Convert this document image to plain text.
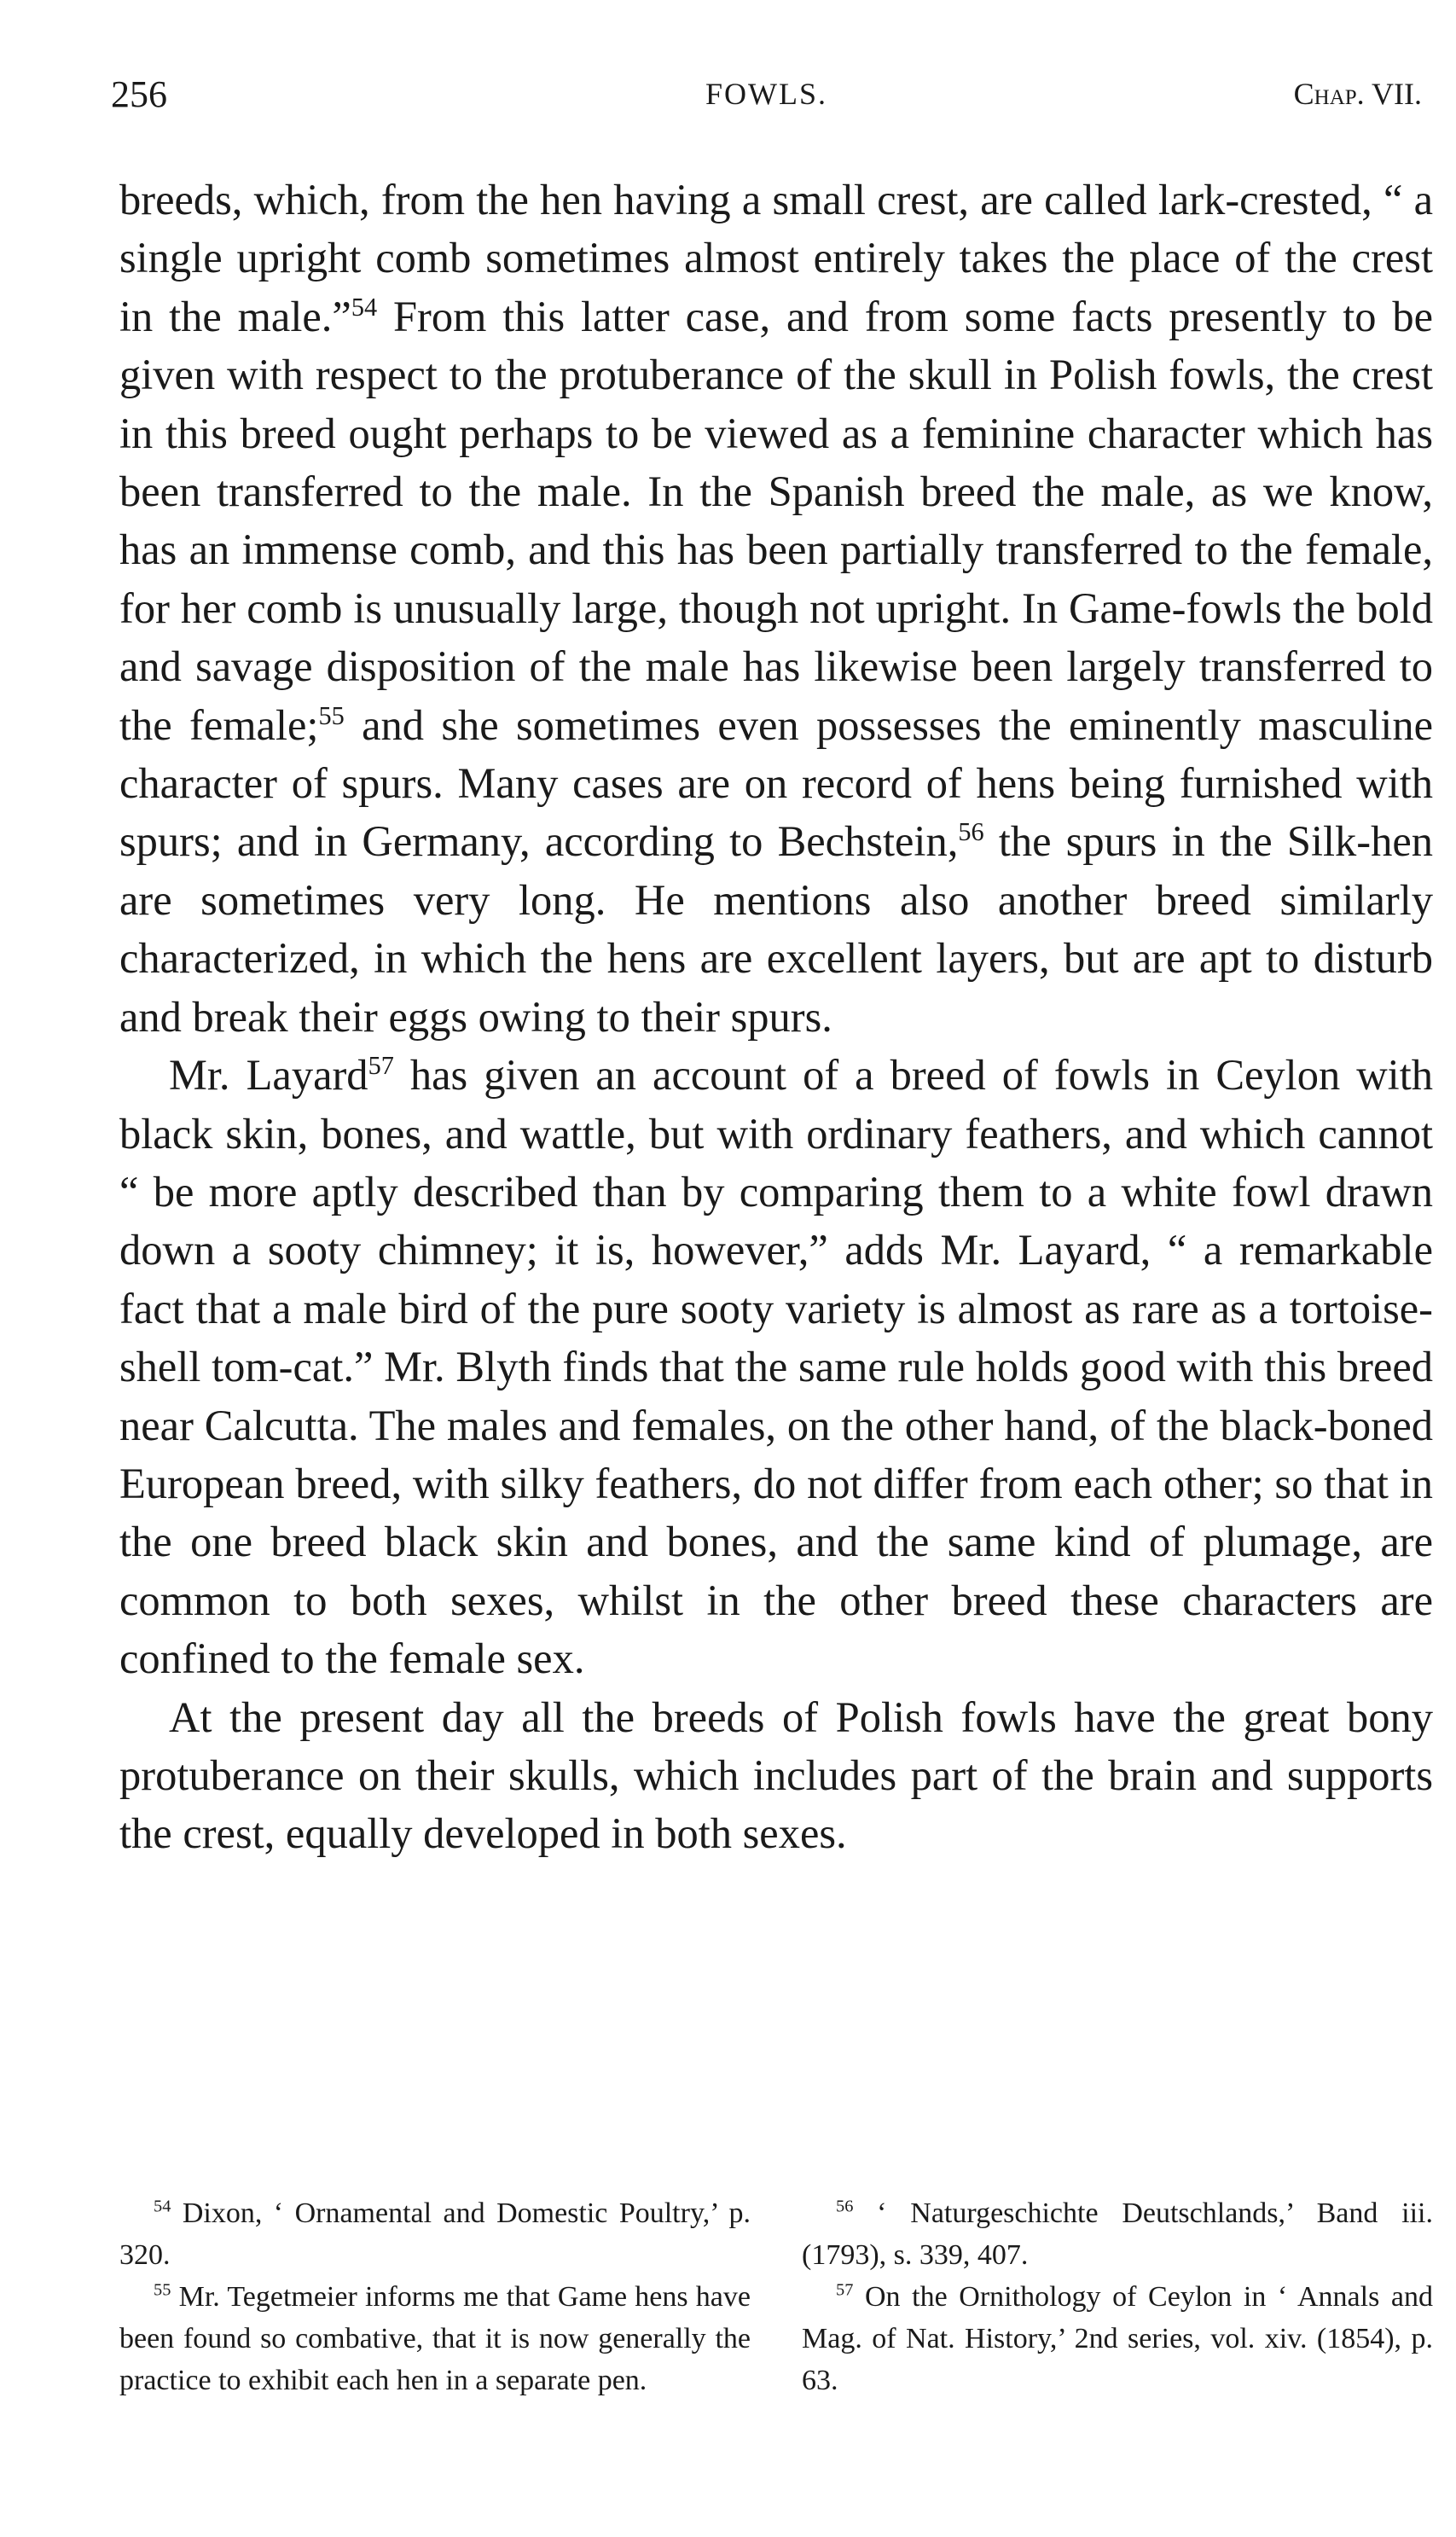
256	FOWLS.	Chap. VII.

breeds, which, from the hen having a small crest, are called lark-crested, “ a single upright comb sometimes almost entirely takes the place of the crest in the male.”$^{54}$ From this latter case, and from some facts presently to be given with respect to the protuberance of the skull in Polish fowls, the crest in this breed ought perhaps to be viewed as a feminine character which has been transferred to the male. In the Spanish breed the male, as we know, has an immense comb, and this has been partially transferred to the female, for her comb is unusually large, though not upright. In Game-fowls the bold and savage disposition of the male has likewise been largely transferred to the female;$^{55}$ and she sometimes even possesses the eminently masculine character of spurs. Many cases are on record of hens being furnished with spurs; and in Germany, according to Bechstein,$^{56}$ the spurs in the Silk-hen are sometimes very long. He mentions also another breed similarly characterized, in which the hens are excellent layers, but are apt to disturb and break their eggs owing to their spurs.

Mr. Layard$^{57}$ has given an account of a breed of fowls in Ceylon with black skin, bones, and wattle, but with ordinary feathers, and which cannot “ be more aptly described than by comparing them to a white fowl drawn down a sooty chimney; it is, however,” adds Mr. Layard, “ a remarkable fact that a male bird of the pure sooty variety is almost as rare as a tortoise-shell tom-cat.” Mr. Blyth finds that the same rule holds good with this breed near Calcutta. The males and females, on the other hand, of the black-boned European breed, with silky feathers, do not differ from each other; so that in the one breed black skin and bones, and the same kind of plumage, are common to both sexes, whilst in the other breed these characters are confined to the female sex.

At the present day all the breeds of Polish fowls have the great bony protuberance on their skulls, which includes part of the brain and supports the crest, equally developed in both sexes.

$^{54}$ Dixon, ‘ Ornamental and Domestic Poultry,’ p. 320.

$^{55}$ Mr. Tegetmeier informs me that Game hens have been found so combative, that it is now generally the practice to exhibit each hen in a separate pen.

$^{56}$ ‘ Naturgeschichte Deutschlands,’ Band iii. (1793), s. 339, 407.

$^{57}$ On the Ornithology of Ceylon in ‘ Annals and Mag. of Nat. History,’ 2nd series, vol. xiv. (1854), p. 63.
